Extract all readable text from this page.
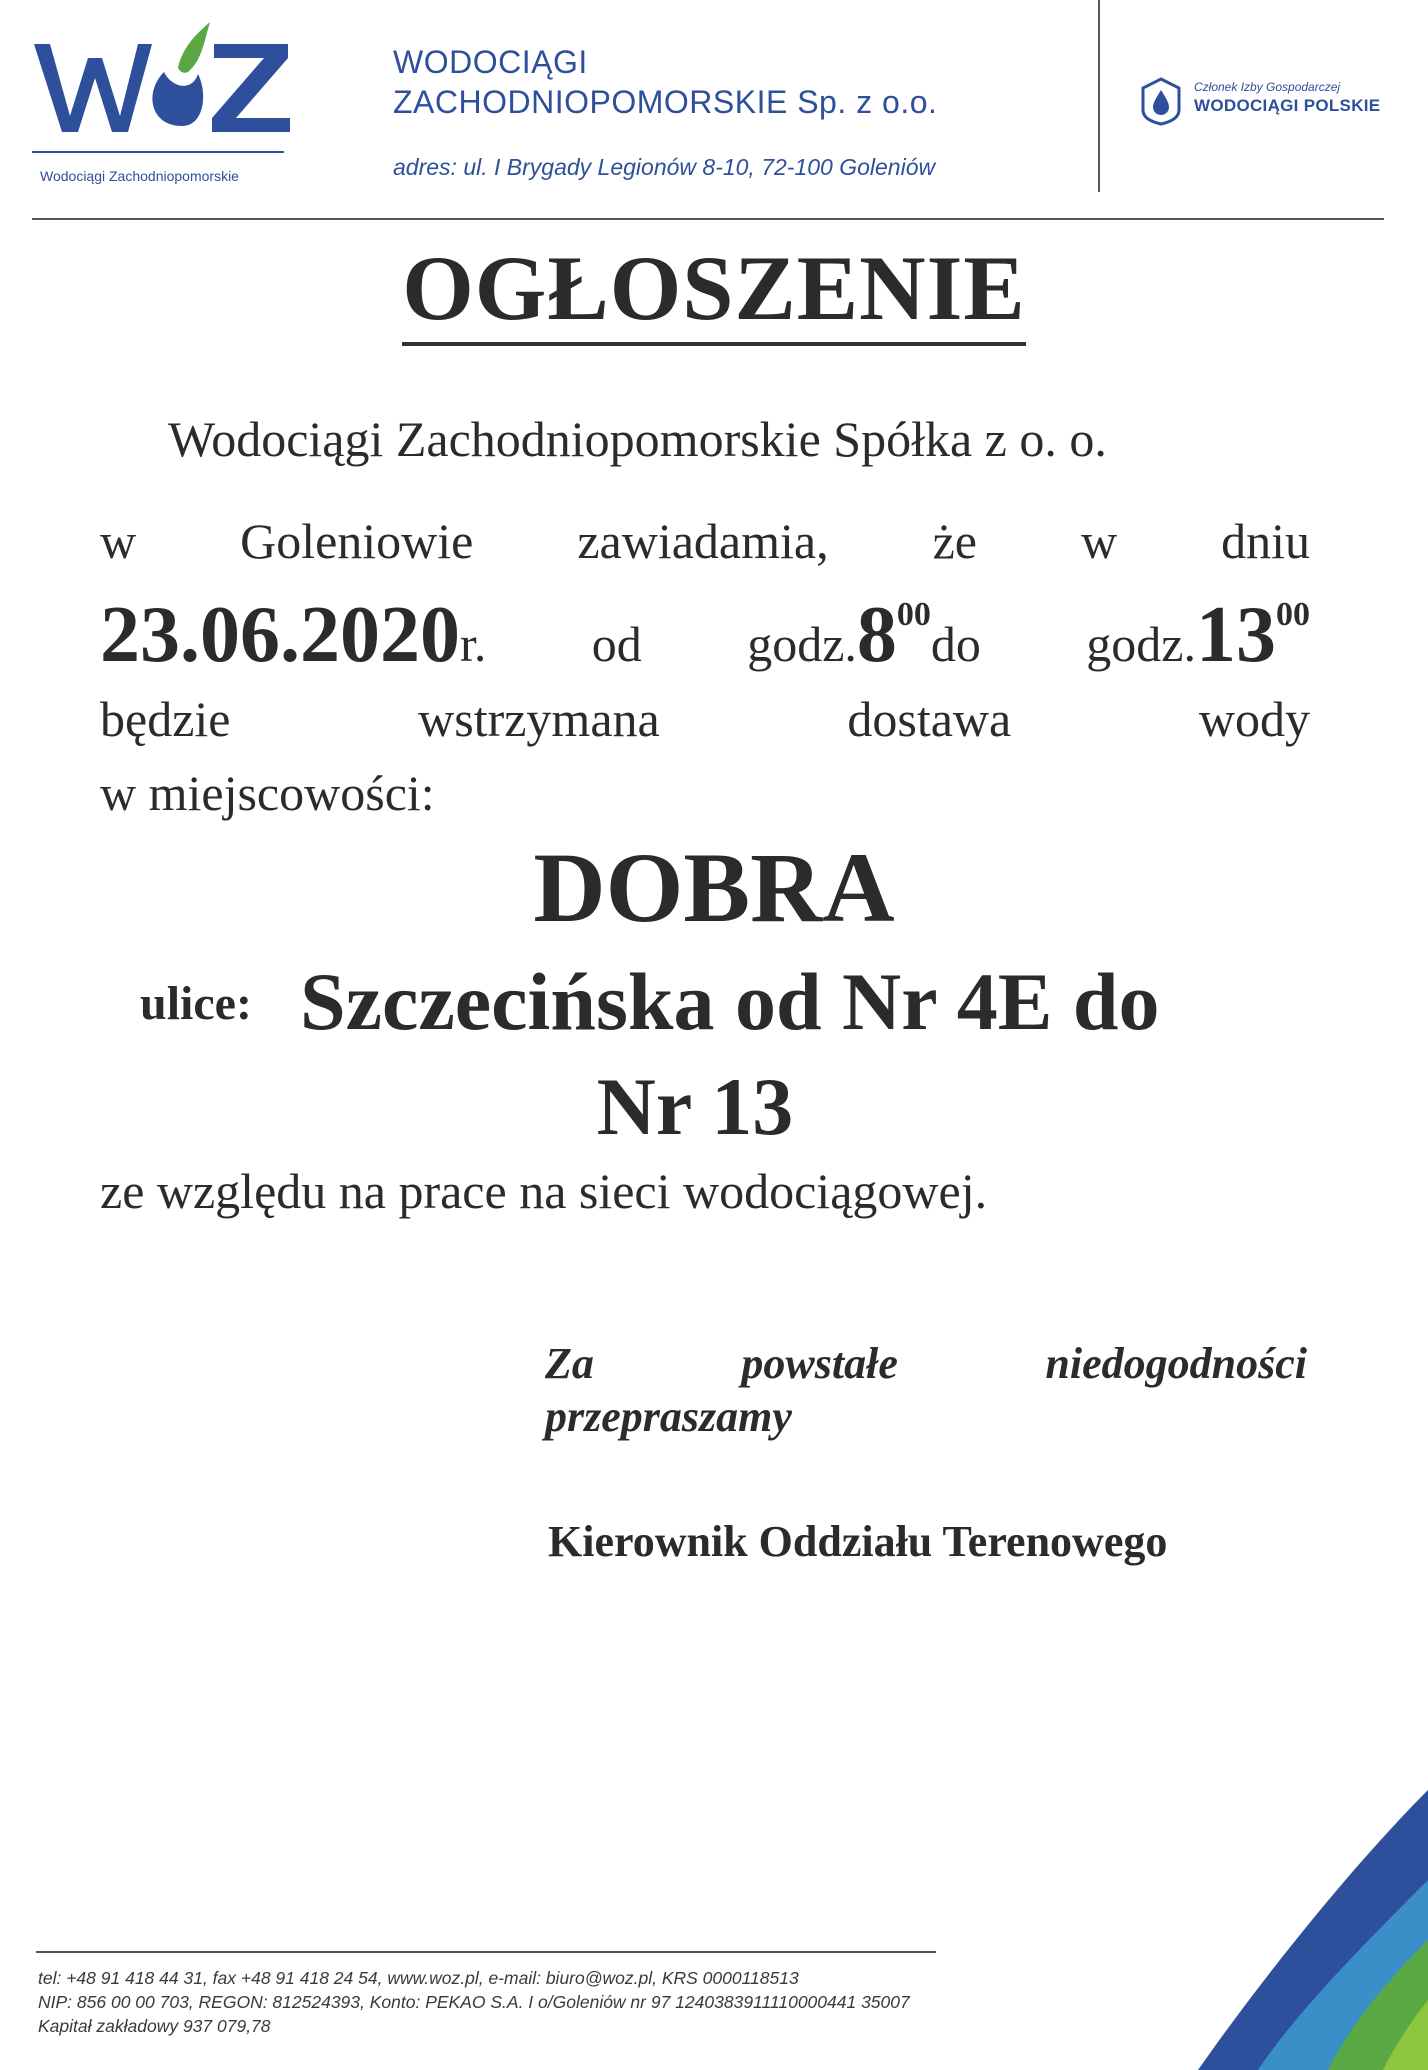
Wodociągi Zachodniopomorskie
WODOCIĄGI
ZACHODNIOPOMORSKIE Sp. z o.o.
adres: ul. I Brygady Legionów 8-10, 72-100 Goleniów
Członek Izby Gospodarczej
WODOCIĄGI POLSKIE
OGŁOSZENIE
Wodociągi Zachodniopomorskie Spółka z o. o.
w Goleniowie zawiadamia, że w dniu
23.06.2020r. od $godz.8^{00}do$ $godz.13^{00}$
będzie	wstrzymana	dostawa	wody
w miejscowości:
DOBRA
ulice: Szczecińska od Nr 4E do
Nr 13
ze względu na prace na sieci wodociągowej.
Za	powstałe	niedogodności
przepraszamy
Kierownik Oddziału Terenowego
tel: +48 91 418 44 31, fax +48 91 418 24 54, www.woz.pl, e-mail: biuro@woz.pl, KRS 0000118513
NIP: 856 00 00 703, REGON: 812524393, Konto: PEKAO S.A. I o/Goleniów nr 97 1240383911110000441 35007
Kapitał zakładowy 937 079,78
